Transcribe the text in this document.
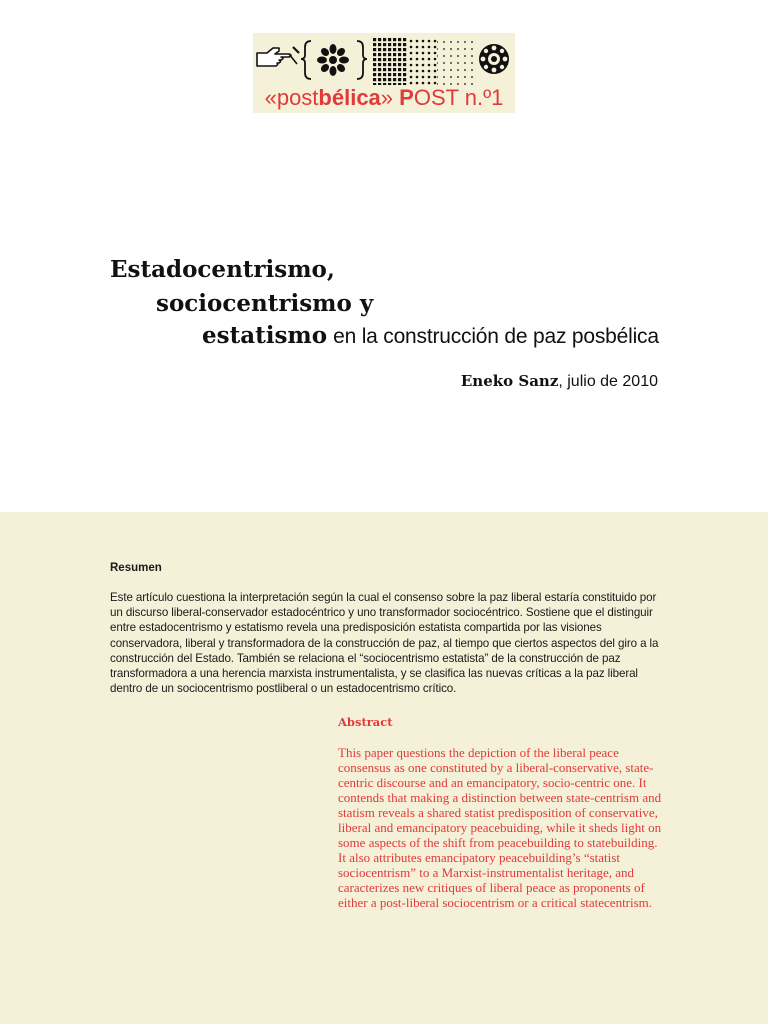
«postbélica» POST n.º1
Estadocentrismo,
sociocentrismo y
estatismo en la construcción de paz posbélica
Eneko Sanz, julio de 2010
Resumen
Este artículo cuestiona la interpretación según la cual el consenso sobre la paz liberal estaría constituido por un discurso liberal-conservador estadocéntrico y uno transformador sociocéntrico. Sostiene que el distinguir entre estadocentrismo y estatismo revela una predisposición estatista compartida por las visiones conservadora, liberal y transformadora de la construcción de paz, al tiempo que ciertos aspectos del giro a la construcción del Estado. También se relaciona el “sociocentrismo estatista” de la construcción de paz transformadora a una herencia marxista instrumentalista, y se clasifica las nuevas críticas a la paz liberal dentro de un sociocentrismo postliberal o un estadocentrismo crítico.
Abstract
This paper questions the depiction of the liberal peace consensus as one constituted by a liberal-conservative, state-centric discourse and an emancipatory, socio-centric one. It contends that making a distinction between state-centrism and statism reveals a shared statist predisposition of conservative, liberal and emancipatory peacebuiding, while it sheds light on some aspects of the shift from peacebuilding to statebuilding. It also attributes emancipatory peacebuilding’s “statist sociocentrism” to a Marxist-instrumentalist heritage, and caracterizes new critiques of liberal peace as proponents of either a post-liberal sociocentrism or a critical statecentrism.
